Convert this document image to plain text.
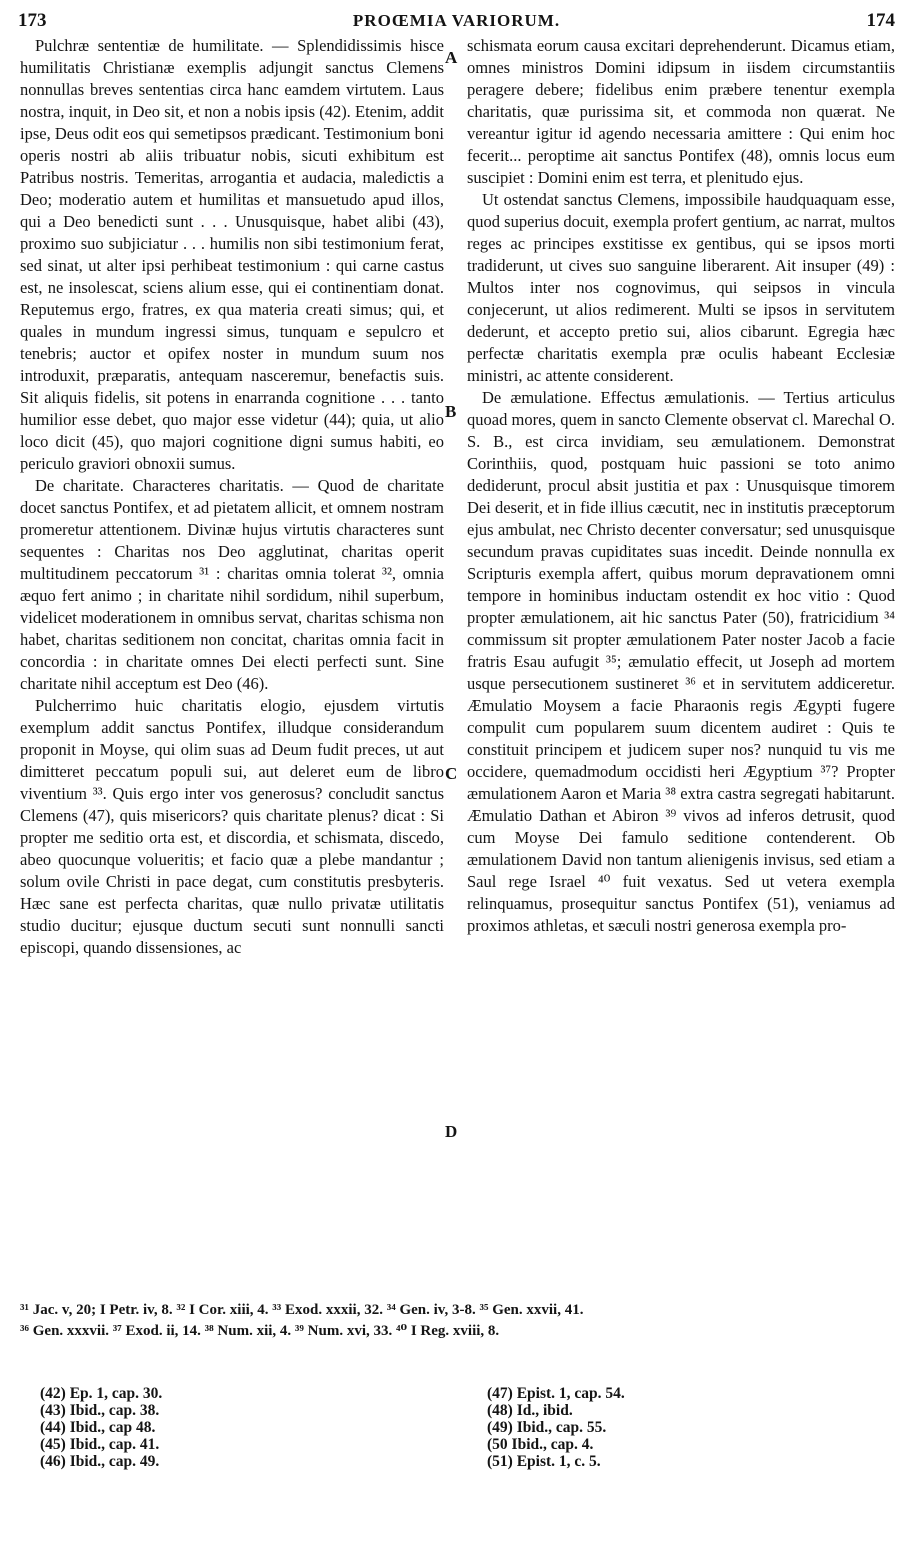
173	PROŒMIA VARIORUM.	174

Pulchræ sententiæ de humilitate. — Splendidissimis hisce humilitatis Christianæ exemplis adjungit sanctus Clemens nonnullas breves sententias circa hanc eamdem virtutem. Laus nostra, inquit, in Deo sit, et non a nobis ipsis (42). Etenim, addit ipse, Deus odit eos qui semetipsos prædicant. Testimonium boni operis nostri ab aliis tribuatur nobis, sicuti exhibitum est Patribus nostris. Temeritas, arrogantia et audacia, maledictis a Deo; moderatio autem et humilitas et mansuetudo apud illos, qui a Deo benedicti sunt . . . Unusquisque, habet alibi (43), proximo suo subjiciatur . . . humilis non sibi testimonium ferat, sed sinat, ut alter ipsi perhibeat testimonium : qui carne castus est, ne insolescat, sciens alium esse, qui ei continentiam donat. Reputemus ergo, fratres, ex qua materia creati simus; qui, et quales in mundum ingressi simus, tunquam e sepulcro et tenebris; auctor et opifex noster in mundum suum nos introduxit, præparatis, antequam nasceremur, benefactis suis. Sit aliquis fidelis, sit potens in enarranda cognitione . . . tanto humilior esse debet, quo major esse videtur (44); quia, ut alio loco dicit (45), quo majori cognitione digni sumus habiti, eo periculo graviori obnoxii sumus.

De charitate. Characteres charitatis. — Quod de charitate docet sanctus Pontifex, et ad pietatem allicit, et omnem nostram promeretur attentionem. Divinæ hujus virtutis characteres sunt sequentes : Charitas nos Deo agglutinat, charitas operit multitudinem peccatorum ³¹ : charitas omnia tolerat ³², omnia æquo fert animo ; in charitate nihil sordidum, nihil superbum, videlicet moderationem in omnibus servat, charitas schisma non habet, charitas seditionem non concitat, charitas omnia facit in concordia : in charitate omnes Dei electi perfecti sunt. Sine charitate nihil acceptum est Deo (46).

Pulcherrimo huic charitatis elogio, ejusdem virtutis exemplum addit sanctus Pontifex, illudque considerandum proponit in Moyse, qui olim suas ad Deum fudit preces, ut aut dimitteret peccatum populi sui, aut deleret eum de libro viventium ³³. Quis ergo inter vos generosus? concludit sanctus Clemens (47), quis misericors? quis charitate plenus? dicat : Si propter me seditio orta est, et discordia, et schismata, discedo, abeo quocunque volueritis; et facio quæ a plebe mandantur ; solum ovile Christi in pace degat, cum constitutis presbyteris. Hæc sane est perfecta charitas, quæ nullo privatæ utilitatis studio ducitur; ejusque ductum secuti sunt nonnulli sancti episcopi, quando dissensiones, ac

A
B
C
D

schismata eorum causa excitari deprehenderunt. Dicamus etiam, omnes ministros Domini idipsum in iisdem circumstantiis peragere debere; fidelibus enim præbere tenentur exempla charitatis, quæ purissima sit, et commoda non quærat. Ne vereantur igitur id agendo necessaria amittere : Qui enim hoc fecerit... peroptime ait sanctus Pontifex (48), omnis locus eum suscipiet : Domini enim est terra, et plenitudo ejus.

Ut ostendat sanctus Clemens, impossibile haudquaquam esse, quod superius docuit, exempla profert gentium, ac narrat, multos reges ac principes exstitisse ex gentibus, qui se ipsos morti tradiderunt, ut cives suo sanguine liberarent. Ait insuper (49) : Multos inter nos cognovimus, qui seipsos in vincula conjecerunt, ut alios redimerent. Multi se ipsos in servitutem dederunt, et accepto pretio sui, alios cibarunt. Egregia hæc perfectæ charitatis exempla præ oculis habeant Ecclesiæ ministri, ac attente considerent.

De æmulatione. Effectus æmulationis. — Tertius articulus quoad mores, quem in sancto Clemente observat cl. Marechal O. S. B., est circa invidiam, seu æmulationem. Demonstrat Corinthiis, quod, postquam huic passioni se toto animo dediderunt, procul absit justitia et pax : Unusquisque timorem Dei deserit, et in fide illius cæcutit, nec in institutis præceptorum ejus ambulat, nec Christo decenter conversatur; sed unusquisque secundum pravas cupiditates suas incedit. Deinde nonnulla ex Scripturis exempla affert, quibus morum depravationem omni tempore in hominibus inductam ostendit ex hoc vitio : Quod propter æmulationem, ait hic sanctus Pater (50), fratricidium ³⁴ commissum sit propter æmulationem Pater noster Jacob a facie fratris Esau aufugit ³⁵; æmulatio effecit, ut Joseph ad mortem usque persecutionem sustineret ³⁶ et in servitutem addiceretur. Æmulatio Moysem a facie Pharaonis regis Ægypti fugere compulit cum popularem suum dicentem audiret : Quis te constituit principem et judicem super nos? nunquid tu vis me occidere, quemadmodum occidisti heri Ægyptium ³⁷? Propter æmulationem Aaron et Maria ³⁸ extra castra segregati habitarunt. Æmulatio Dathan et Abiron ³⁹ vivos ad inferos detrusit, quod cum Moyse Dei famulo seditione contenderent. Ob æmulationem David non tantum alienigenis invisus, sed etiam a Saul rege Israel ⁴⁰ fuit vexatus. Sed ut vetera exempla relinquamus, prosequitur sanctus Pontifex (51), veniamus ad proximos athletas, et sæculi nostri generosa exempla pro-

³¹ Jac. v, 20; I Petr. iv, 8. ³² I Cor. xiii, 4. ³³ Exod. xxxii, 32. ³⁴ Gen. iv, 3-8. ³⁵ Gen. xxvii, 41.
³⁶ Gen. xxxvii. ³⁷ Exod. ii, 14. ³⁸ Num. xii, 4. ³⁹ Num. xvi, 33. ⁴⁰ I Reg. xviii, 8.
(42) Ep. 1, cap. 30.
(43) Ibid., cap. 38.
(44) Ibid., cap 48.
(45) Ibid., cap. 41.
(46) Ibid., cap. 49.
(47) Epist. 1, cap. 54.
(48) Id., ibid.
(49) Ibid., cap. 55.
(50 Ibid., cap. 4.
(51) Epist. 1, c. 5.
